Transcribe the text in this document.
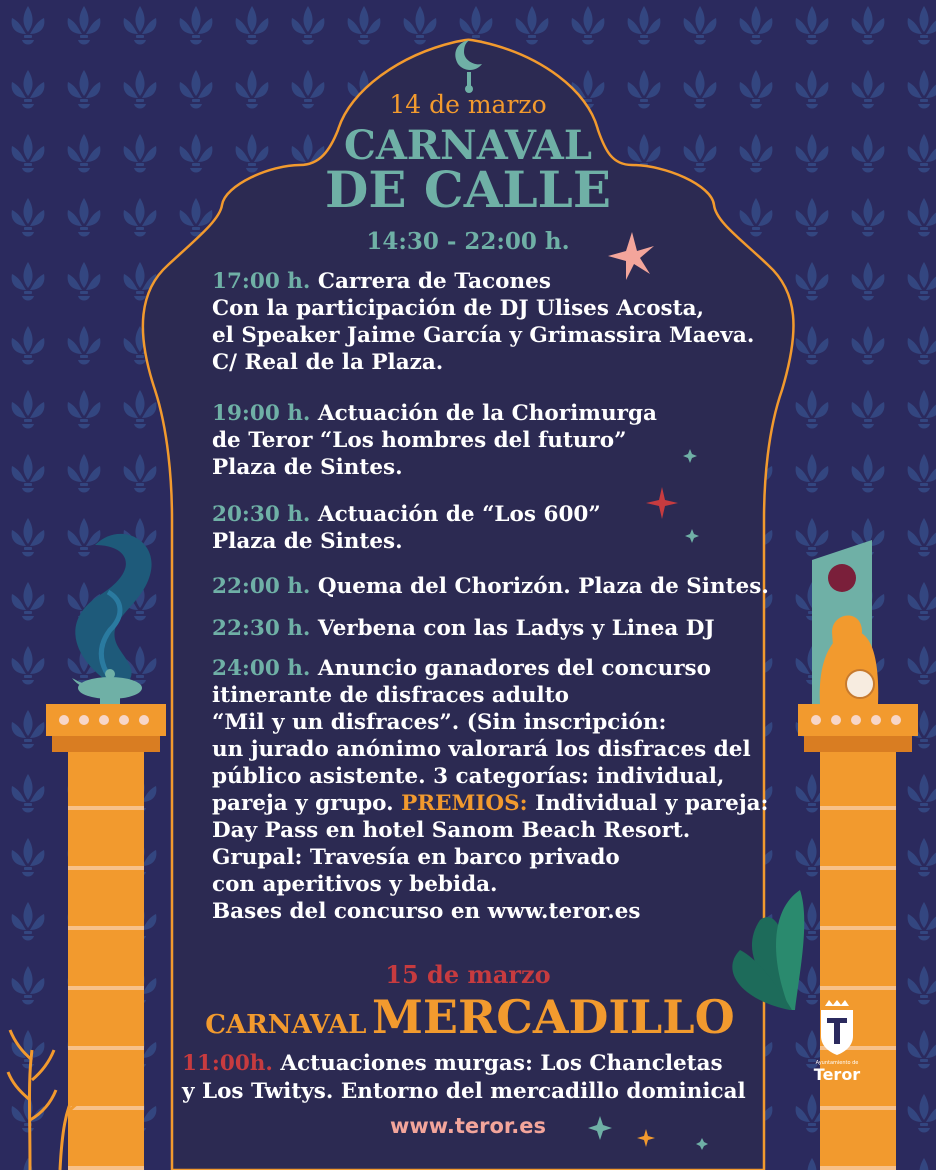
14 de marzo
CARNAVAL
DE CALLE
14:30 - 22:00 h.
17:00 h. Carrera de Tacones
Con la participación de DJ Ulises Acosta,
el Speaker Jaime García y Grimassira Maeva.
C/ Real de la Plaza.
19:00 h. Actuación de la Chorimurga
de Teror “Los hombres del futuro”
Plaza de Sintes.
20:30 h. Actuación de “Los 600”
Plaza de Sintes.
22:00 h. Quema del Chorizón. Plaza de Sintes.
22:30 h. Verbena con las Ladys y Linea DJ
24:00 h. Anuncio ganadores del concurso
itinerante de disfraces adulto
“Mil y un disfraces”. (Sin inscripción:
un jurado anónimo valorará los disfraces del
público asistente. 3 categorías: individual,
pareja y grupo. PREMIOS: Individual y pareja:
Day Pass en hotel Sanom Beach Resort.
Grupal: Travesía en barco privado
con aperitivos y bebida.
Bases del concurso en www.teror.es
15 de marzo
CARNAVAL MERCADILLO
11:00h. Actuaciones murgas: Los Chancletas
y Los Twitys. Entorno del mercadillo dominical
www.teror.es
Ayuntamiento de
Teror
